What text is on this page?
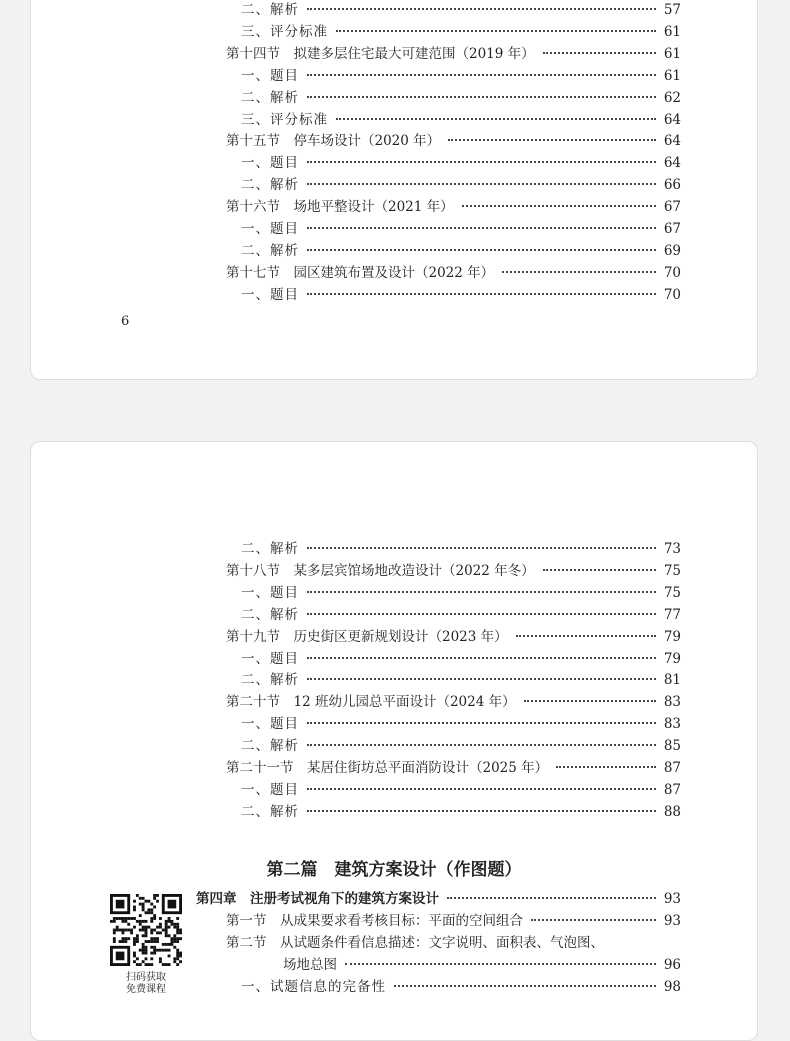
二、解析	57
三、评分标准	61
第十四节　拟建多层住宅最大可建范围（2019 年）	61
一、题目	61
二、解析	62
三、评分标准	64
第十五节　停车场设计（2020 年）	64
一、题目	64
二、解析	66
第十六节　场地平整设计（2021 年）	67
一、题目	67
二、解析	69
第十七节　园区建筑布置及设计（2022 年）	70
一、题目	70
6
二、解析	73
第十八节　某多层宾馆场地改造设计（2022 年冬）	75
一、题目	75
二、解析	77
第十九节　历史街区更新规划设计（2023 年）	79
一、题目	79
二、解析	81
第二十节　12 班幼儿园总平面设计（2024 年）	83
一、题目	83
二、解析	85
第二十一节　某居住街坊总平面消防设计（2025 年）	87
一、题目	87
二、解析	88
第二篇　建筑方案设计（作图题）
第四章　注册考试视角下的建筑方案设计	93
第一节　从成果要求看考核目标：平面的空间组合	93
第二节　从试题条件看信息描述：文字说明、面积表、气泡图、
场地总图	96
一、试题信息的完备性	98
扫码获取
免费课程
